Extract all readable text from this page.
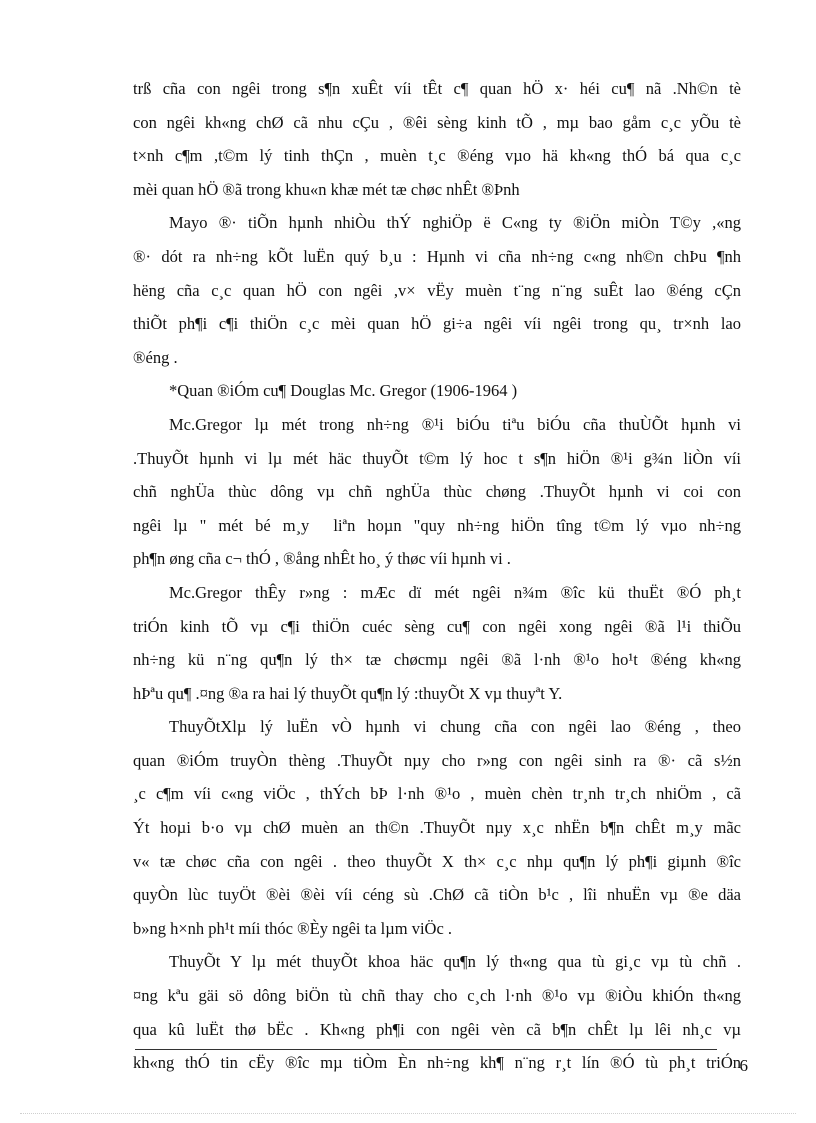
trß cña con ngêi trong s¶n xuÊt víi tÊt c¶ quan hÖ x· héi cu¶ nã .Nh©n tè
con ngêi kh«ng chØ cã nhu cÇu , ®êi sèng kinh tÕ , mµ bao gåm c¸c yÕu tè
t×nh c¶m ,t©m lý tinh thÇn , muèn t¸c ®éng vµo hä kh«ng thÓ bá qua c¸c
mèi quan hÖ ®ã trong khu«n khæ mét tæ chøc nhÊt ®Þnh
Mayo ®· tiÕn hµnh nhiÒu thÝ nghiÖp ë C«ng ty ®iÖn miÒn T©y ,«ng
®· dót ra nh÷ng kÕt luËn quý b¸u : Hµnh vi cña nh÷ng c«ng nh©n chÞu ¶nh
hëng cña c¸c quan hÖ con ngêi ,v× vËy muèn t¨ng n¨ng suÊt lao ®éng cÇn
thiÕt ph¶i c¶i thiÖn c¸c mèi quan hÖ gi÷a ngêi víi ngêi trong qu¸ tr×nh lao
®éng .
*Quan ®iÓm cu¶ Douglas Mc. Gregor (1906-1964 )
Mc.Gregor lµ mét trong nh÷ng ®¹i biÓu tiªu biÓu cña thuÙÕt hµnh vi
.ThuyÕt hµnh vi lµ mét häc thuyÕt t©m lý hoc t s¶n hiÖn ®¹i g¾n liÒn víi
chñ nghÜa thùc dông vµ chñ nghÜa thùc chøng .ThuyÕt hµnh vi coi con
ngêi lµ " mét bé m¸y liªn hoµn "quy nh÷ng hiÖn tîng t©m lý vµo nh÷ng
ph¶n øng cña c¬ thÓ , ®ång nhÊt ho¸ ý thøc víi hµnh vi .
Mc.Gregor thÊy r»ng : mÆc dï mét ngêi n¾m ®îc kü thuËt ®Ó ph¸t
triÓn kinh tÕ vµ c¶i thiÖn cuéc sèng cu¶ con ngêi xong ngêi ®ã l¹i thiÕu
nh÷ng kü n¨ng qu¶n lý th× tæ chøcmµ ngêi ®ã l·nh ®¹o ho¹t ®éng kh«ng
hÞªu qu¶ .¤ng ®a ra hai lý thuyÕt qu¶n lý :thuyÕt X vµ thuyªt Y.
ThuyÕtXlµ lý luËn vÒ hµnh vi chung cña con ngêi lao ®éng , theo
quan ®iÓm truyÒn thèng .ThuyÕt nµy cho r»ng con ngêi sinh ra ®· cã s½n
¸c c¶m víi c«ng viÖc , thÝch bÞ l·nh ®¹o , muèn chèn tr¸nh tr¸ch nhiÖm , cã
Ýt hoµi b·o vµ chØ muèn an th©n .ThuyÕt nµy x¸c nhËn b¶n chÊt m¸y mãc
v« tæ chøc cña con ngêi . theo thuyÕt X th× c¸c nhµ qu¶n lý ph¶i giµnh ®îc
quyÒn lùc tuyÖt ®èi ®èi víi céng sù .ChØ cã tiÒn b¹c , lîi nhuËn vµ ®e däa
b»ng h×nh ph¹t míi thóc ®Èy ngêi ta lµm viÖc .
ThuyÕt Y lµ mét thuyÕt khoa häc qu¶n lý th«ng qua tù gi¸c vµ tù chñ .
¤ng kªu gäi sö dông biÖn tù chñ thay cho c¸ch l·nh ®¹o vµ ®iÒu khiÓn th«ng
qua kû luËt thø bËc . Kh«ng ph¶i con ngêi vèn cã b¶n chÊt lµ lêi nh¸c vµ
kh«ng thÓ tin cËy ®îc mµ tiÒm Èn nh÷ng kh¶ n¨ng r¸t lín ®Ó tù ph¸t triÓn
6
